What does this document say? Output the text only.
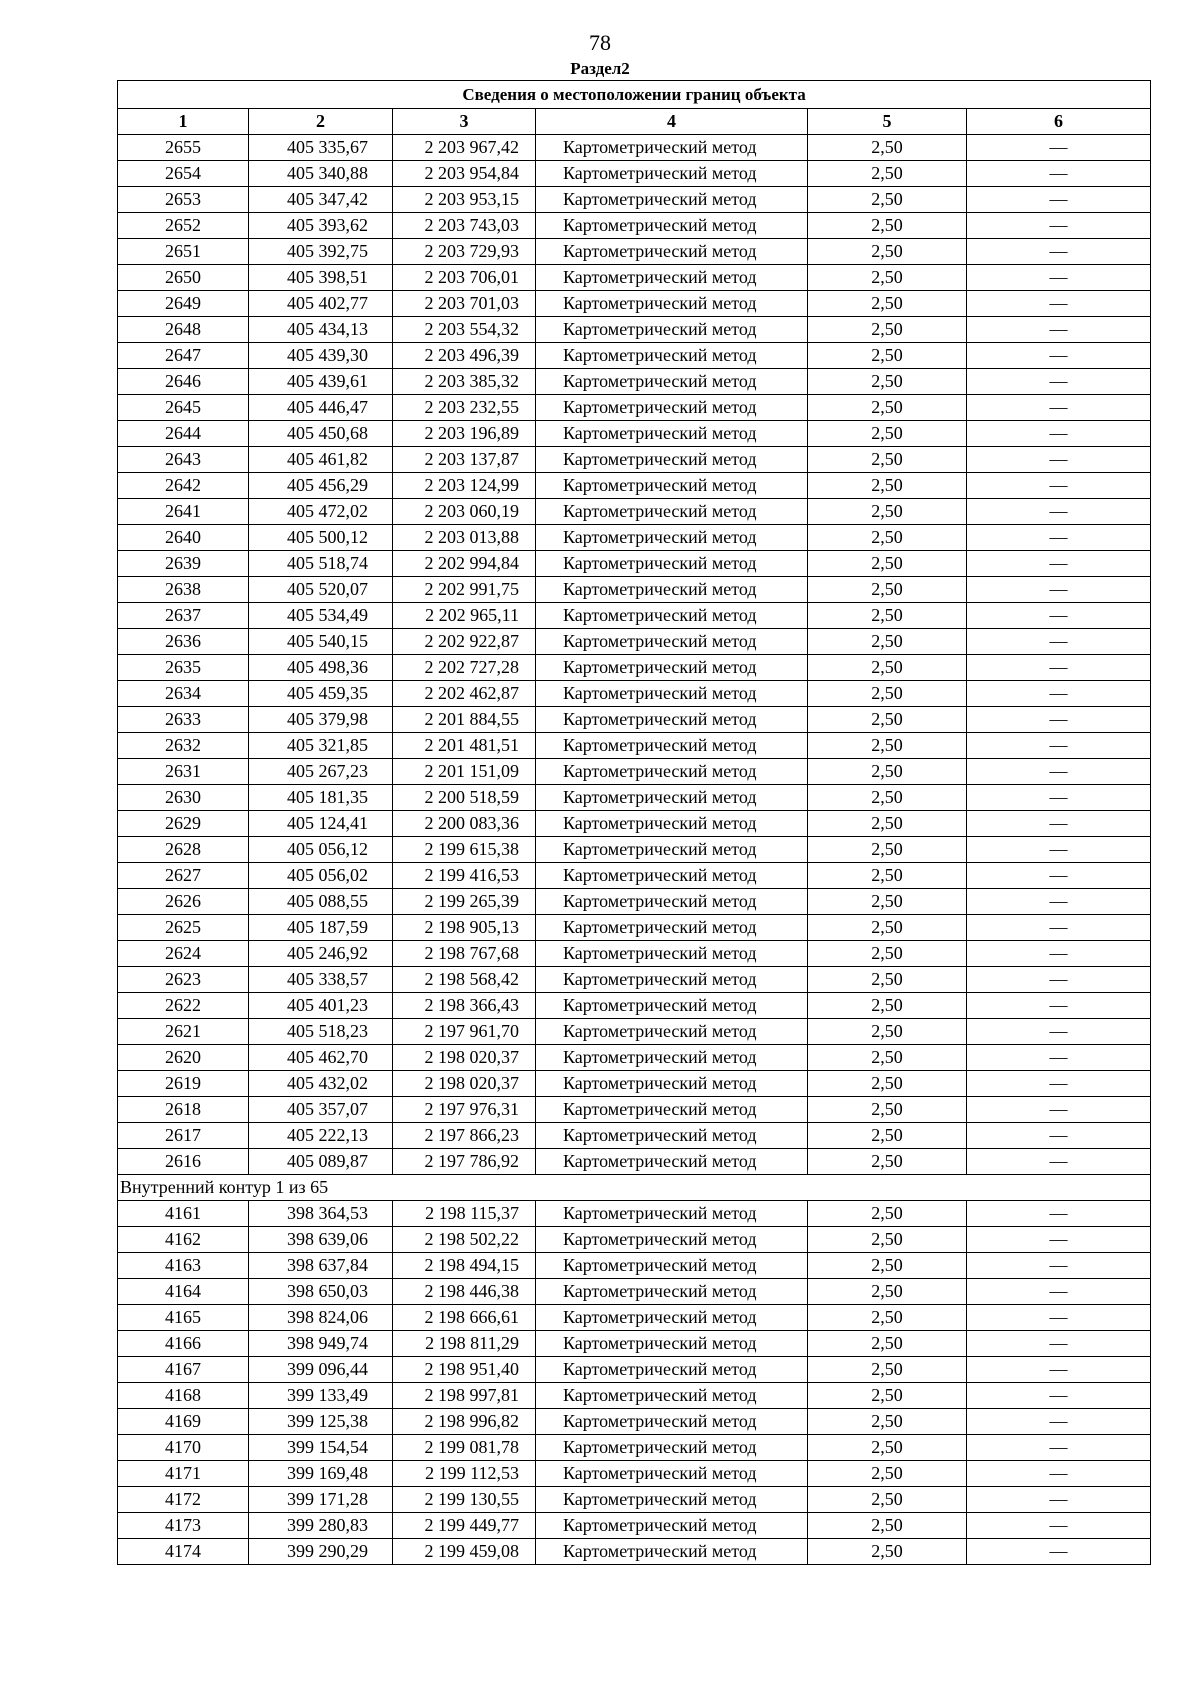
78
Раздел2
Сведения о местоположении границ объекта					
1	2	3	4	5	6
2655	405 335,67	2 203 967,42	Картометрический метод	2,50	—
2654	405 340,88	2 203 954,84	Картометрический метод	2,50	—
2653	405 347,42	2 203 953,15	Картометрический метод	2,50	—
2652	405 393,62	2 203 743,03	Картометрический метод	2,50	—
2651	405 392,75	2 203 729,93	Картометрический метод	2,50	—
2650	405 398,51	2 203 706,01	Картометрический метод	2,50	—
2649	405 402,77	2 203 701,03	Картометрический метод	2,50	—
2648	405 434,13	2 203 554,32	Картометрический метод	2,50	—
2647	405 439,30	2 203 496,39	Картометрический метод	2,50	—
2646	405 439,61	2 203 385,32	Картометрический метод	2,50	—
2645	405 446,47	2 203 232,55	Картометрический метод	2,50	—
2644	405 450,68	2 203 196,89	Картометрический метод	2,50	—
2643	405 461,82	2 203 137,87	Картометрический метод	2,50	—
2642	405 456,29	2 203 124,99	Картометрический метод	2,50	—
2641	405 472,02	2 203 060,19	Картометрический метод	2,50	—
2640	405 500,12	2 203 013,88	Картометрический метод	2,50	—
2639	405 518,74	2 202 994,84	Картометрический метод	2,50	—
2638	405 520,07	2 202 991,75	Картометрический метод	2,50	—
2637	405 534,49	2 202 965,11	Картометрический метод	2,50	—
2636	405 540,15	2 202 922,87	Картометрический метод	2,50	—
2635	405 498,36	2 202 727,28	Картометрический метод	2,50	—
2634	405 459,35	2 202 462,87	Картометрический метод	2,50	—
2633	405 379,98	2 201 884,55	Картометрический метод	2,50	—
2632	405 321,85	2 201 481,51	Картометрический метод	2,50	—
2631	405 267,23	2 201 151,09	Картометрический метод	2,50	—
2630	405 181,35	2 200 518,59	Картометрический метод	2,50	—
2629	405 124,41	2 200 083,36	Картометрический метод	2,50	—
2628	405 056,12	2 199 615,38	Картометрический метод	2,50	—
2627	405 056,02	2 199 416,53	Картометрический метод	2,50	—
2626	405 088,55	2 199 265,39	Картометрический метод	2,50	—
2625	405 187,59	2 198 905,13	Картометрический метод	2,50	—
2624	405 246,92	2 198 767,68	Картометрический метод	2,50	—
2623	405 338,57	2 198 568,42	Картометрический метод	2,50	—
2622	405 401,23	2 198 366,43	Картометрический метод	2,50	—
2621	405 518,23	2 197 961,70	Картометрический метод	2,50	—
2620	405 462,70	2 198 020,37	Картометрический метод	2,50	—
2619	405 432,02	2 198 020,37	Картометрический метод	2,50	—
2618	405 357,07	2 197 976,31	Картометрический метод	2,50	—
2617	405 222,13	2 197 866,23	Картометрический метод	2,50	—
2616	405 089,87	2 197 786,92	Картометрический метод	2,50	—
Внутренний контур 1 из 65					
4161	398 364,53	2 198 115,37	Картометрический метод	2,50	—
4162	398 639,06	2 198 502,22	Картометрический метод	2,50	—
4163	398 637,84	2 198 494,15	Картометрический метод	2,50	—
4164	398 650,03	2 198 446,38	Картометрический метод	2,50	—
4165	398 824,06	2 198 666,61	Картометрический метод	2,50	—
4166	398 949,74	2 198 811,29	Картометрический метод	2,50	—
4167	399 096,44	2 198 951,40	Картометрический метод	2,50	—
4168	399 133,49	2 198 997,81	Картометрический метод	2,50	—
4169	399 125,38	2 198 996,82	Картометрический метод	2,50	—
4170	399 154,54	2 199 081,78	Картометрический метод	2,50	—
4171	399 169,48	2 199 112,53	Картометрический метод	2,50	—
4172	399 171,28	2 199 130,55	Картометрический метод	2,50	—
4173	399 280,83	2 199 449,77	Картометрический метод	2,50	—
4174	399 290,29	2 199 459,08	Картометрический метод	2,50	—
